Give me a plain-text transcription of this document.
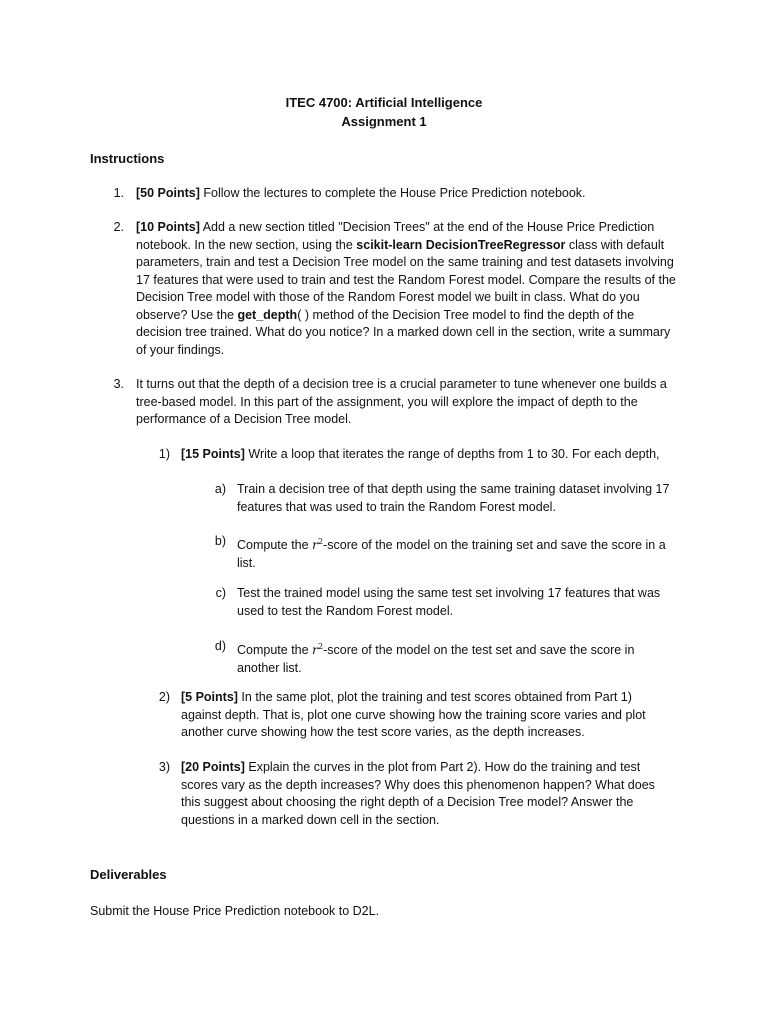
ITEC 4700: Artificial Intelligence
Assignment 1
Instructions
1. [50 Points] Follow the lectures to complete the House Price Prediction notebook.
2. [10 Points] Add a new section titled "Decision Trees" at the end of the House Price Prediction notebook. In the new section, using the scikit-learn DecisionTreeRegressor class with default parameters, train and test a Decision Tree model on the same training and test datasets involving 17 features that were used to train and test the Random Forest model. Compare the results of the Decision Tree model with those of the Random Forest model we built in class. What do you observe? Use the get_depth( ) method of the Decision Tree model to find the depth of the decision tree trained. What do you notice? In a marked down cell in the section, write a summary of your findings.
3. It turns out that the depth of a decision tree is a crucial parameter to tune whenever one builds a tree-based model. In this part of the assignment, you will explore the impact of depth to the performance of a Decision Tree model.
1) [15 Points] Write a loop that iterates the range of depths from 1 to 30. For each depth,
a) Train a decision tree of that depth using the same training dataset involving 17 features that was used to train the Random Forest model.
b) Compute the $r^2$-score of the model on the training set and save the score in a list.
c) Test the trained model using the same test set involving 17 features that was used to test the Random Forest model.
d) Compute the $r^2$-score of the model on the test set and save the score in another list.
2) [5 Points] In the same plot, plot the training and test scores obtained from Part 1) against depth. That is, plot one curve showing how the training score varies and plot another curve showing how the test score varies, as the depth increases.
3) [20 Points] Explain the curves in the plot from Part 2). How do the training and test scores vary as the depth increases? Why does this phenomenon happen? What does this suggest about choosing the right depth of a Decision Tree model? Answer the questions in a marked down cell in the section.
Deliverables
Submit the House Price Prediction notebook to D2L.
